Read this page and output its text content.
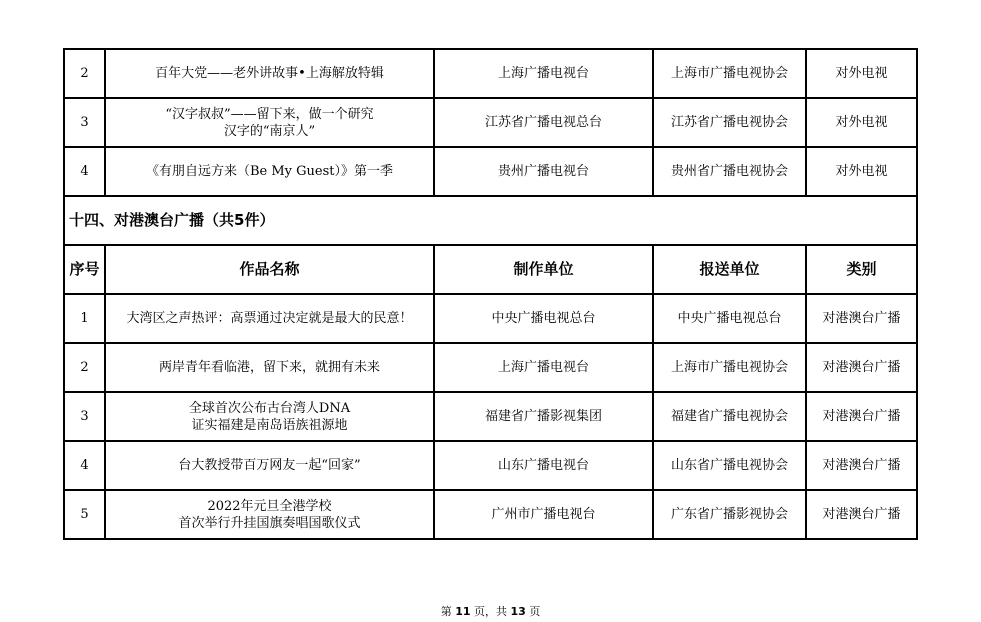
2	百年大党——老外讲故事•上海解放特辑	上海广播电视台	上海市广播电视协会	对外电视
3	“汉字叔叔”——留下来，做一个研究
汉字的“南京人”	江苏省广播电视总台	江苏省广播电视协会	对外电视
4	《有朋自远方来（Be My Guest）》第一季	贵州广播电视台	贵州省广播电视协会	对外电视
十四、对港澳台广播（共5件）				
序号	作品名称	制作单位	报送单位	类别
1	大湾区之声热评：高票通过决定就是最大的民意！	中央广播电视总台	中央广播电视总台	对港澳台广播
2	两岸青年看临港，留下来，就拥有未来	上海广播电视台	上海市广播电视协会	对港澳台广播
3	全球首次公布古台湾人DNA
证实福建是南岛语族祖源地	福建省广播影视集团	福建省广播电视协会	对港澳台广播
4	台大教授带百万网友一起“回家”	山东广播电视台	山东省广播电视协会	对港澳台广播
5	2022年元旦全港学校
首次举行升挂国旗奏唱国歌仪式	广州市广播电视台	广东省广播影视协会	对港澳台广播
第 11 页，共 13 页
